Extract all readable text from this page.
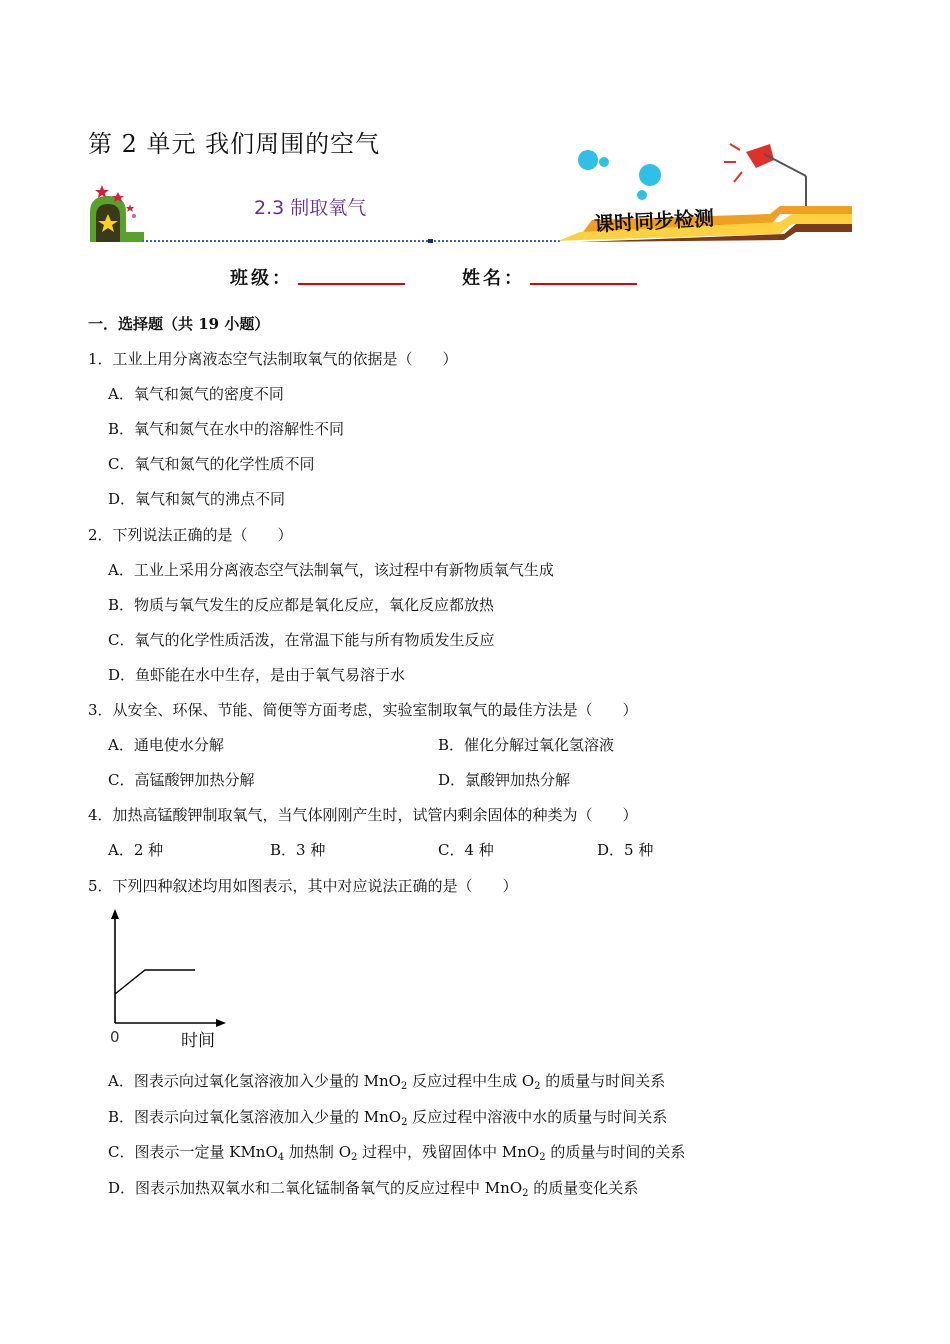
第 2 单元 我们周围的空气
2.3 制取氧气	课时同步检测
班级：	姓名：
一．选择题（共 19 小题）
1．工业上用分离液态空气法制取氧气的依据是（　　）
A．氧气和氮气的密度不同
B．氧气和氮气在水中的溶解性不同
C．氧气和氮气的化学性质不同
D．氧气和氮气的沸点不同
2．下列说法正确的是（　　）
A．工业上采用分离液态空气法制氧气，该过程中有新物质氧气生成
B．物质与氧气发生的反应都是氧化反应，氧化反应都放热
C．氧气的化学性质活泼，在常温下能与所有物质发生反应
D．鱼虾能在水中生存，是由于氧气易溶于水
3．从安全、环保、节能、简便等方面考虑，实验室制取氧气的最佳方法是（　　）
A．通电使水分解	B．催化分解过氧化氢溶液
C．高锰酸钾加热分解	D．氯酸钾加热分解
4．加热高锰酸钾制取氧气，当气体刚刚产生时，试管内剩余固体的种类为（　　）
A．2 种	B．3 种	C．4 种	D．5 种
5．下列四种叙述均用如图表示，其中对应说法正确的是（　　）
0	时间
A．图表示向过氧化氢溶液加入少量的 MnO$_2$ 反应过程中生成 $O_2$ 的质量与时间关系
B．图表示向过氧化氢溶液加入少量的 MnO$_2$ 反应过程中溶液中水的质量与时间关系
C．图表示一定量 KMnO$_4$ 加热制 $O_2$ 过程中，残留固体中 MnO$_2$ 的质量与时间的关系
D．图表示加热双氧水和二氧化锰制备氧气的反应过程中 MnO$_2$ 的质量变化关系
